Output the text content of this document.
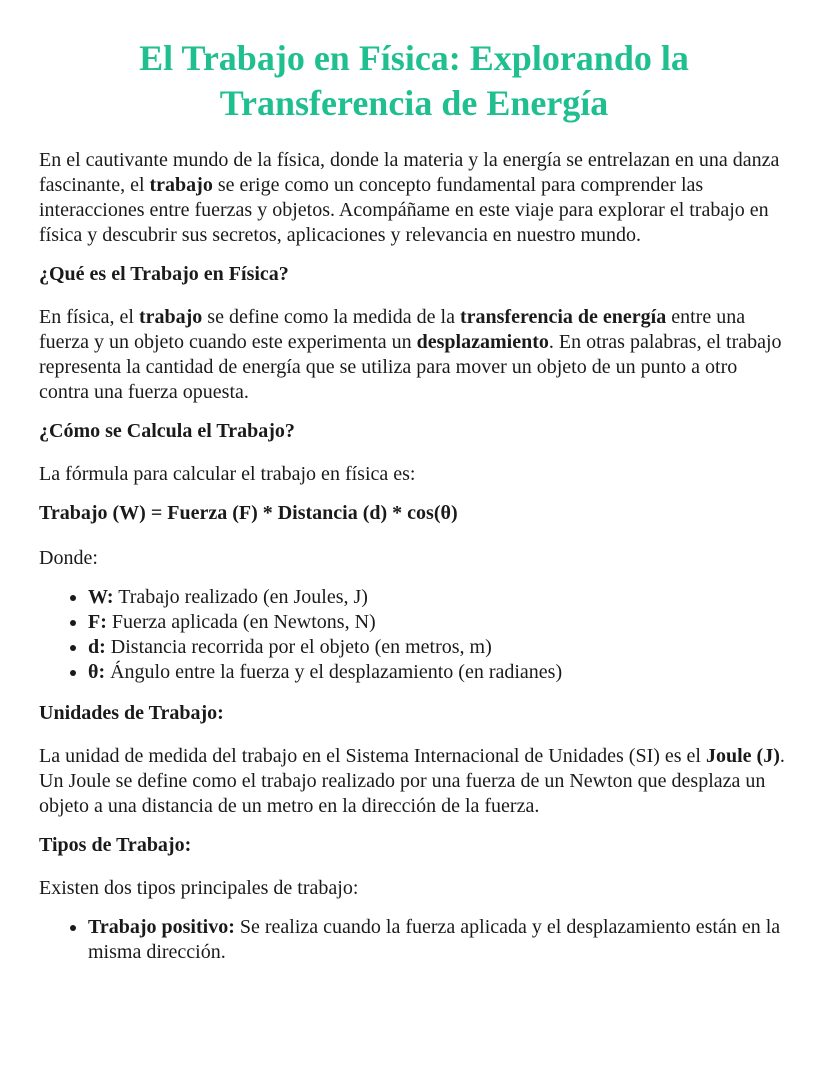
El Trabajo en Física: Explorando la Transferencia de Energía

En el cautivante mundo de la física, donde la materia y la energía se entrelazan en una danza fascinante, el trabajo se erige como un concepto fundamental para comprender las interacciones entre fuerzas y objetos. Acompáñame en este viaje para explorar el trabajo en física y descubrir sus secretos, aplicaciones y relevancia en nuestro mundo.

¿Qué es el Trabajo en Física?

En física, el trabajo se define como la medida de la transferencia de energía entre una fuerza y un objeto cuando este experimenta un desplazamiento. En otras palabras, el trabajo representa la cantidad de energía que se utiliza para mover un objeto de un punto a otro contra una fuerza opuesta.

¿Cómo se Calcula el Trabajo?

La fórmula para calcular el trabajo en física es:

Trabajo (W) = Fuerza (F) * Distancia (d) * cos(θ)

Donde:

• W: Trabajo realizado (en Joules, J)
• F: Fuerza aplicada (en Newtons, N)
• d: Distancia recorrida por el objeto (en metros, m)
• θ: Ángulo entre la fuerza y el desplazamiento (en radianes)
Unidades de Trabajo:

La unidad de medida del trabajo en el Sistema Internacional de Unidades (SI) es el Joule (J). Un Joule se define como el trabajo realizado por una fuerza de un Newton que desplaza un objeto a una distancia de un metro en la dirección de la fuerza.

Tipos de Trabajo:

Existen dos tipos principales de trabajo:

• Trabajo positivo: Se realiza cuando la fuerza aplicada y el desplazamiento están en la misma dirección.
